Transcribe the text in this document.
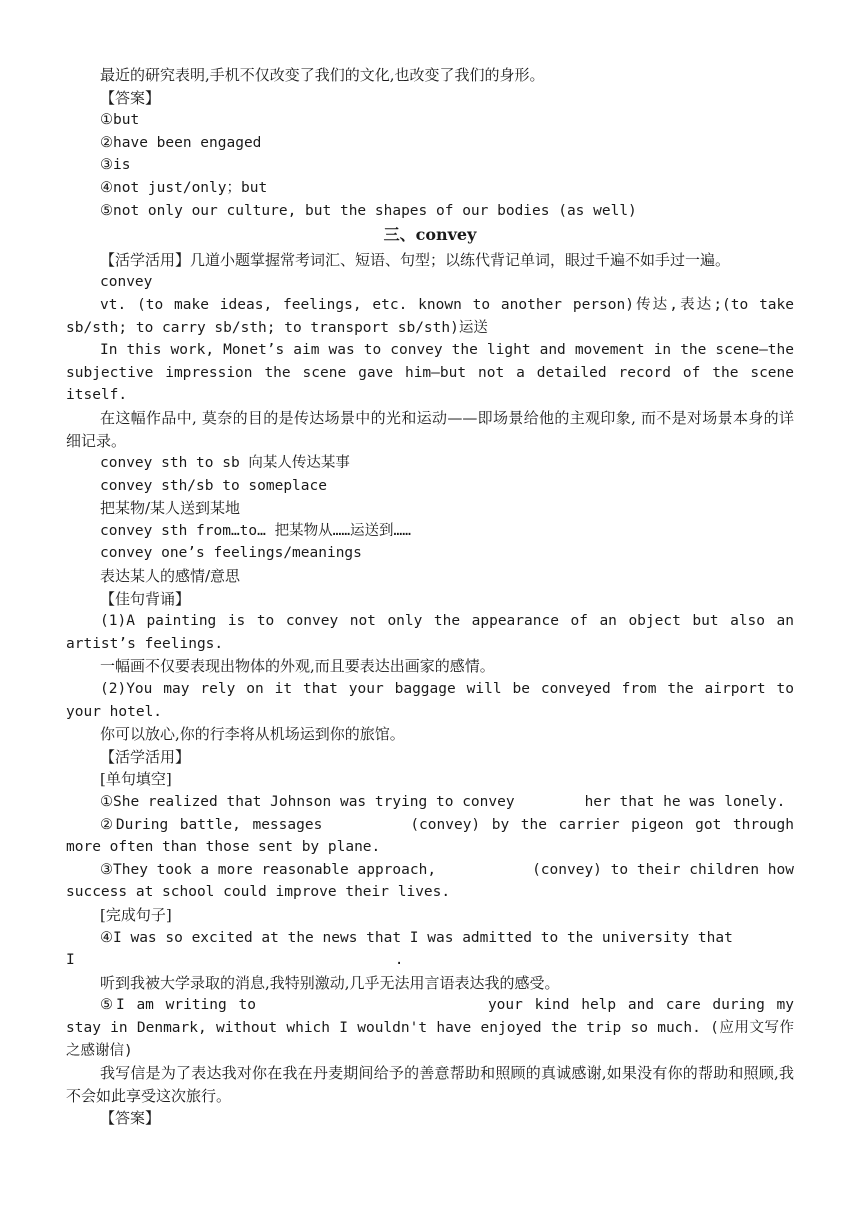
最近的研究表明,手机不仅改变了我们的文化,也改变了我们的身形。
【答案】
①but
②have been engaged
③is
④not just/only；but
⑤not only our culture, but the shapes of our bodies (as well)
三、convey
【活学活用】几道小题掌握常考词汇、短语、句型；以练代背记单词，眼过千遍不如手过一遍。
convey
vt. (to make ideas, feelings, etc. known to another person)传达,表达;(to take sb/sth; to carry sb/sth; to transport sb/sth)运送
In this work, Monet’s aim was to convey the light and movement in the scene—the subjective impression the scene gave him—but not a detailed record of the scene itself.
在这幅作品中, 莫奈的目的是传达场景中的光和运动——即场景给他的主观印象, 而不是对场景本身的详细记录。
convey sth to sb 向某人传达某事
convey sth/sb to someplace
把某物/某人送到某地
convey sth from…to… 把某物从……运送到……
convey one’s feelings/meanings
表达某人的感情/意思
【佳句背诵】
(1)A painting is to convey not only the appearance of an object but also an artist’s feelings.
一幅画不仅要表现出物体的外观,而且要表达出画家的感情。
(2)You may rely on it that your baggage will be conveyed from the airport to your hotel.
你可以放心,你的行李将从机场运到你的旅馆。
【活学活用】
[单句填空]
①She realized that Johnson was trying to convey	her that he was lonely.
②During battle, messages	(convey) by the carrier pigeon got through more often than those sent by plane.
③They took a more reasonable approach,	(convey) to their children how success at school could improve their lives.
[完成句子]
④I was so excited at the news that I was admitted to the university that
I	.
听到我被大学录取的消息,我特别激动,几乎无法用言语表达我的感受。
⑤I am writing to	your kind help and care during my stay in Denmark, without which I wouldn't have enjoyed the trip so much. (应用文写作之感谢信)
我写信是为了表达我对你在我在丹麦期间给予的善意帮助和照顾的真诚感谢,如果没有你的帮助和照顾,我不会如此享受这次旅行。
【答案】
